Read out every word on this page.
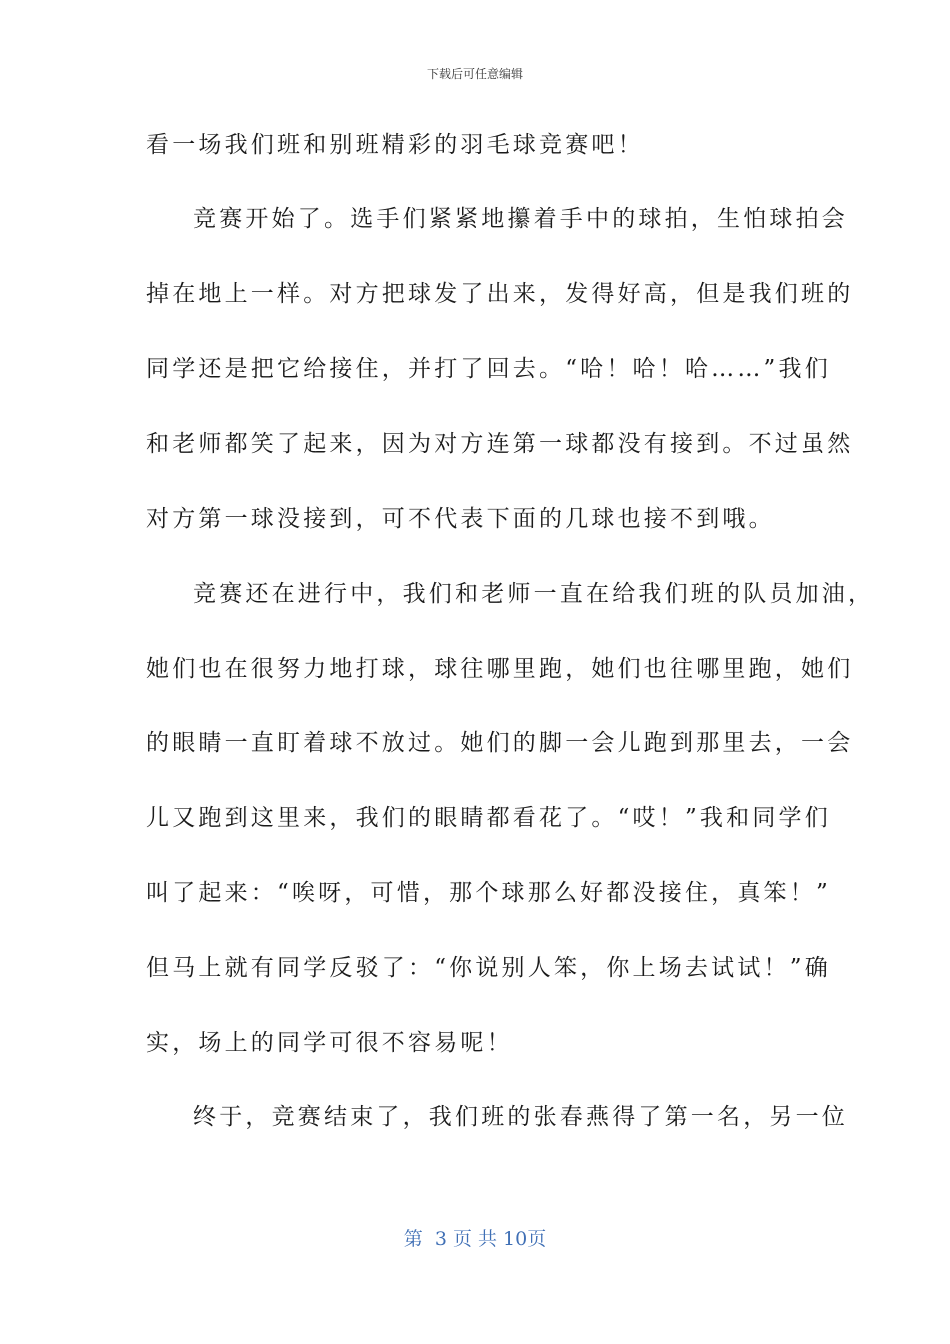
下载后可任意编辑
看一场我们班和别班精彩的羽毛球竞赛吧！
竞赛开始了。选手们紧紧地攥着手中的球拍，生怕球拍会
掉在地上一样。对方把球发了出来，发得好高，但是我们班的
同学还是把它给接住，并打了回去。“哈！哈！哈……”我们
和老师都笑了起来，因为对方连第一球都没有接到。不过虽然
对方第一球没接到，可不代表下面的几球也接不到哦。
竞赛还在进行中，我们和老师一直在给我们班的队员加油，
她们也在很努力地打球，球往哪里跑，她们也往哪里跑，她们
的眼睛一直盯着球不放过。她们的脚一会儿跑到那里去，一会
儿又跑到这里来，我们的眼睛都看花了。“哎！”我和同学们
叫了起来：“唉呀，可惜，那个球那么好都没接住，真笨！”
但马上就有同学反驳了：“你说别人笨，你上场去试试！”确
实，场上的同学可很不容易呢！
终于，竞赛结束了，我们班的张春燕得了第一名，另一位
第  3 页 共 10页
